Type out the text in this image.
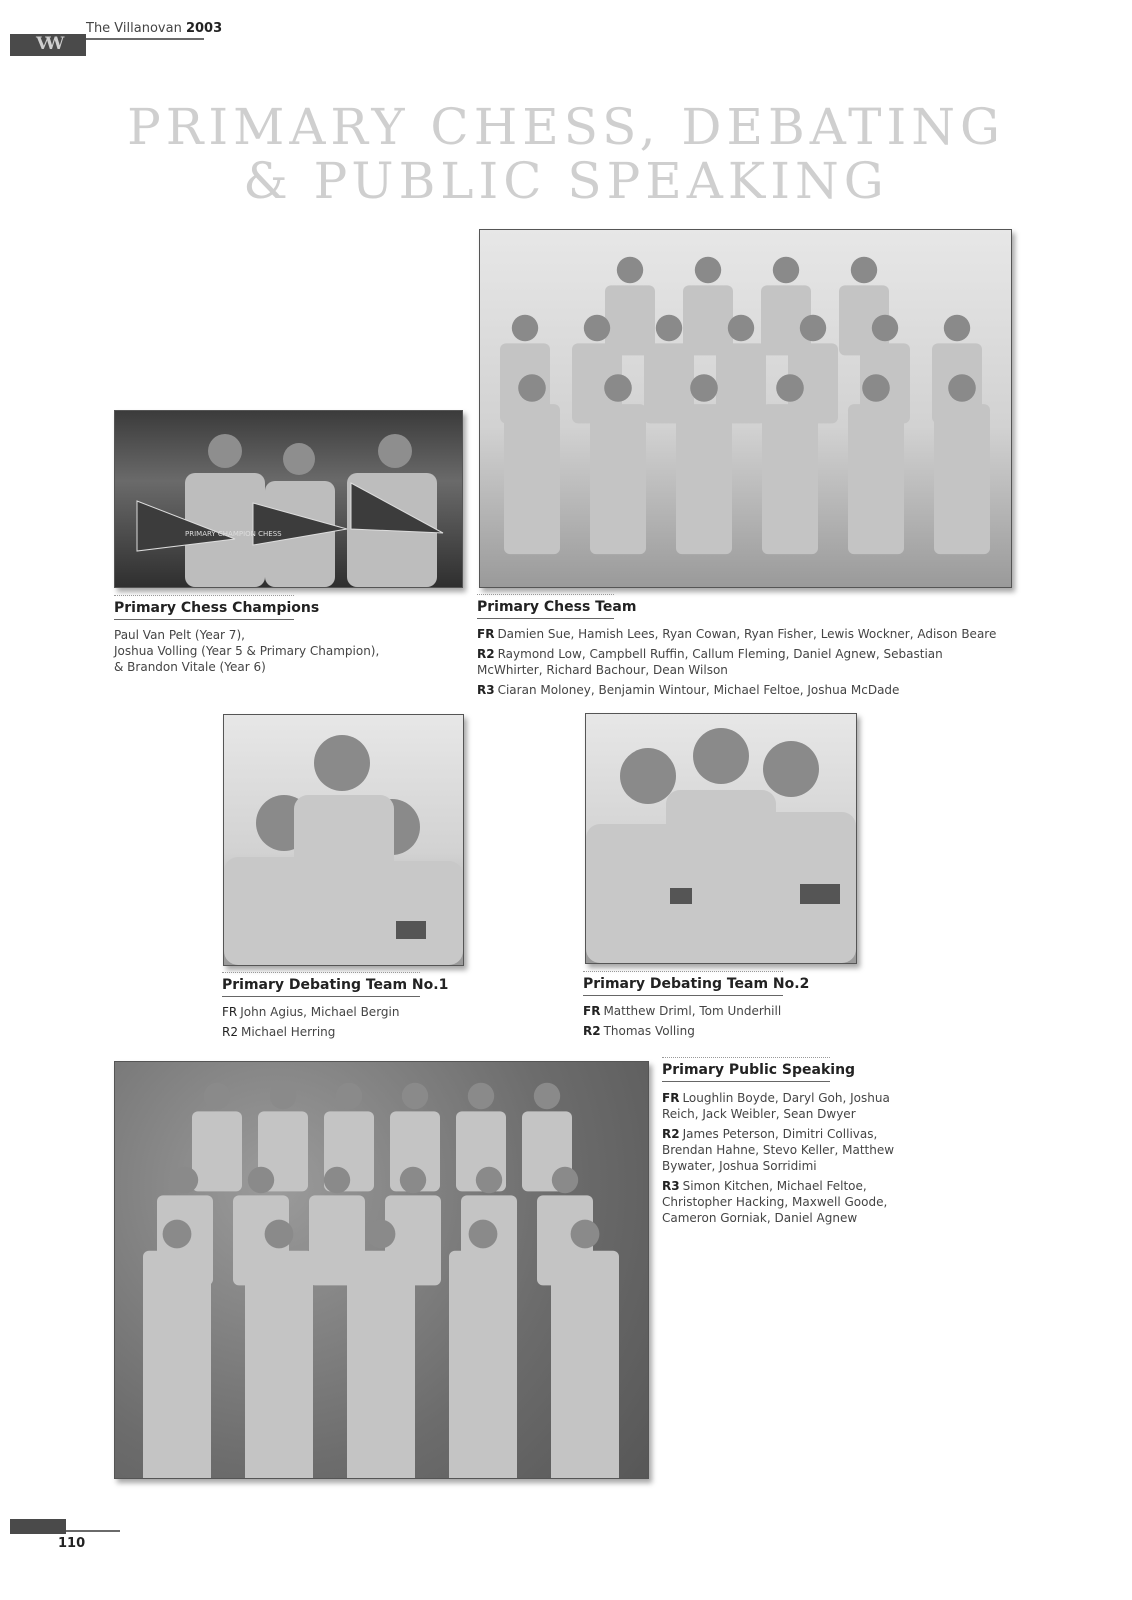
VW
The Villanovan 2003
PRIMARY CHESS, DEBATING
& PUBLIC SPEAKING
PRIMARY CHAMPION CHESS
Primary Chess Champions
Paul Van Pelt (Year 7),
Joshua Volling (Year 5 & Primary Champion),
& Brandon Vitale (Year 6)
Primary Chess Team

FR Damien Sue, Hamish Lees, Ryan Cowan, Ryan Fisher, Lewis Wockner, Adison Beare

R2 Raymond Low, Campbell Ruffin, Callum Fleming, Daniel Agnew, Sebastian McWhirter, Richard Bachour, Dean Wilson

R3 Ciaran Moloney, Benjamin Wintour, Michael Feltoe, Joshua McDade

Primary Debating Team No.1

FR John Agius, Michael Bergin

R2 Michael Herring

Primary Debating Team No.2

FR Matthew Driml, Tom Underhill

R2 Thomas Volling

Primary Public Speaking

FR Loughlin Boyde, Daryl Goh, Joshua Reich, Jack Weibler, Sean Dwyer

R2 James Peterson, Dimitri Collivas, Brendan Hahne, Stevo Keller, Matthew Bywater, Joshua Sorridimi

R3 Simon Kitchen, Michael Feltoe, Christopher Hacking, Maxwell Goode, Cameron Gorniak, Daniel Agnew

110
